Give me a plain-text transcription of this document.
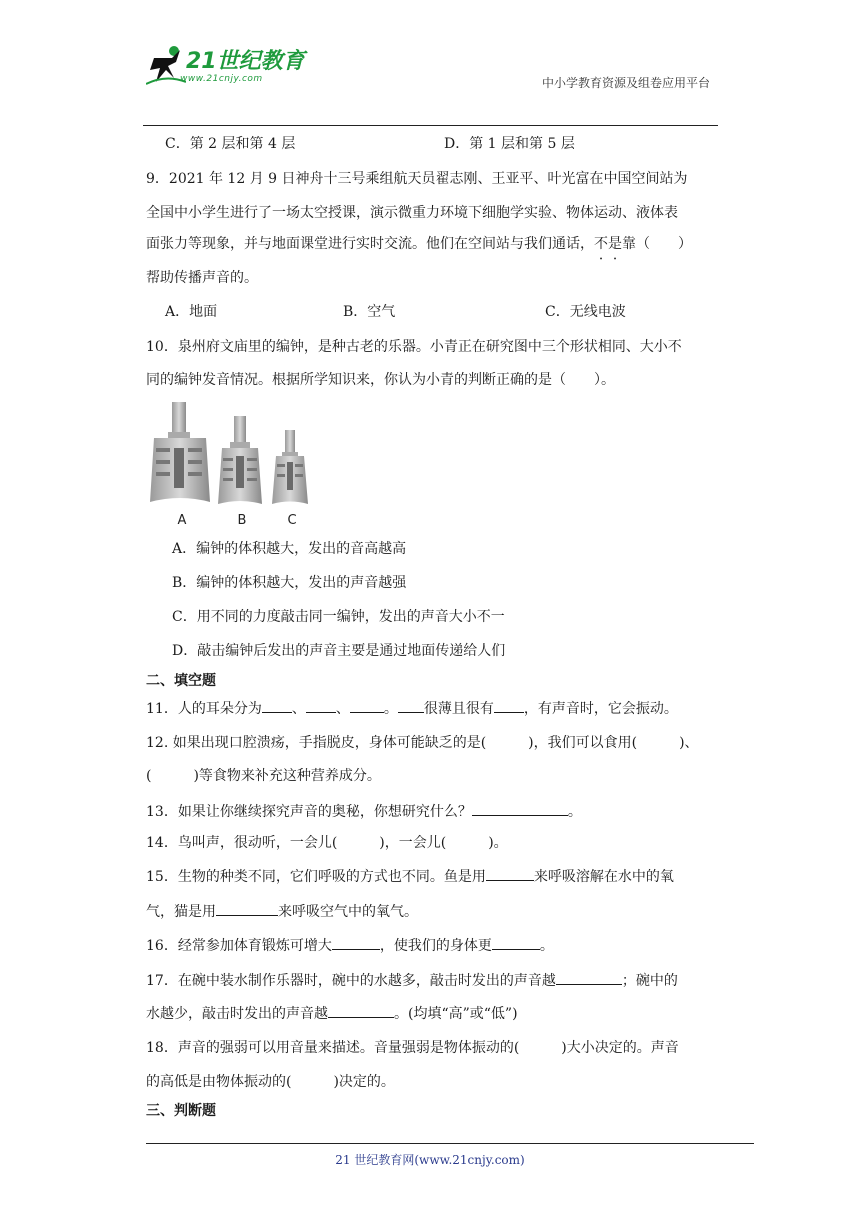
21世纪教育
www.21cnjy.com	中小学教育资源及组卷应用平台
C．第 2 层和第 4 层	D．第 1 层和第 5 层
9．2021 年 12 月 9 日神舟十三号乘组航天员翟志刚、王亚平、叶光富在中国空间站为
全国中小学生进行了一场太空授课，演示微重力环境下细胞学实验、物体运动、液体表
面张力等现象，并与地面课堂进行实时交流。他们在空间站与我们通话，不是靠（　　）
帮助传播声音的。
A．地面	B．空气	C．无线电波
10．泉州府文庙里的编钟，是种古老的乐器。小青正在研究图中三个形状相同、大小不
同的编钟发音情况。根据所学知识来，你认为小青的判断正确的是（　　）。
A	B	C
A．编钟的体积越大，发出的音高越高
B．编钟的体积越大，发出的声音越强
C．用不同的力度敲击同一编钟，发出的声音大小不一
D．敲击编钟后发出的声音主要是通过地面传递给人们
二、填空题
11．人的耳朵分为 、 、 。 很薄且很有 ，有声音时，它会振动。
12. 如果出现口腔溃疡，手指脱皮，身体可能缺乏的是(　　　)，我们可以食用(　　　)、
(　　　)等食物来补充这种营养成分。
13．如果让你继续探究声音的奥秘，你想研究什么？	。
14．鸟叫声，很动听，一会儿(　　　)，一会儿(　　　)。
15．生物的种类不同，它们呼吸的方式也不同。鱼是用	来呼吸溶解在水中的氧
气，猫是用	来呼吸空气中的氧气。
16．经常参加体育锻炼可增大	，使我们的身体更	。
17．在碗中装水制作乐器时，碗中的水越多，敲击时发出的声音越	；碗中的
水越少，敲击时发出的声音越	。(均填“高”或“低”)
18．声音的强弱可以用音量来描述。音量强弱是物体振动的(　　　)大小决定的。声音
的高低是由物体振动的(　　　)决定的。
三、判断题
21 世纪教育网(www.21cnjy.com)
